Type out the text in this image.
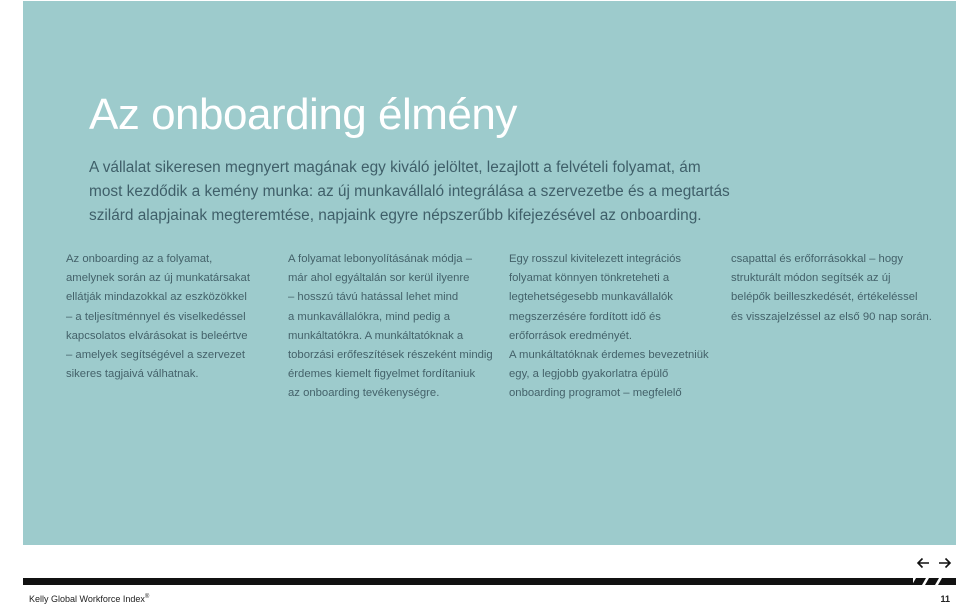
Az onboarding élmény

A vállalat sikeresen megnyert magának egy kiváló jelöltet, lezajlott a felvételi folyamat, ám
most kezdődik a kemény munka: az új munkavállaló integrálása a szervezetbe és a megtartás
szilárd alapjainak megteremtése, napjaink egyre népszerűbb kifejezésével az onboarding.

Az onboarding az a folyamat,
amelynek során az új munkatársakat
ellátják mindazokkal az eszközökkel
– a teljesítménnyel és viselkedéssel
kapcsolatos elvárásokat is beleértve
– amelyek segítségével a szervezet
sikeres tagjaivá válhatnak.

A folyamat lebonyolításának módja –
már ahol egyáltalán sor kerül ilyenre
– hosszú távú hatással lehet mind
a munkavállalókra, mind pedig a
munkáltatókra. A munkáltatóknak a
toborzási erőfeszítések részeként mindig
érdemes kiemelt figyelmet fordítaniuk
az onboarding tevékenységre.

Egy rosszul kivitelezett integrációs
folyamat könnyen tönkreteheti a
legtehetségesebb munkavállalók
megszerzésére fordított idő és
erőforrások eredményét.
A munkáltatóknak érdemes bevezetniük
egy, a legjobb gyakorlatra épülő
onboarding programot – megfelelő

csapattal és erőforrásokkal – hogy
strukturált módon segítsék az új
belépők beilleszkedését, értékeléssel
és visszajelzéssel az első 90 nap során.

Kelly Global Workforce Index®	11
